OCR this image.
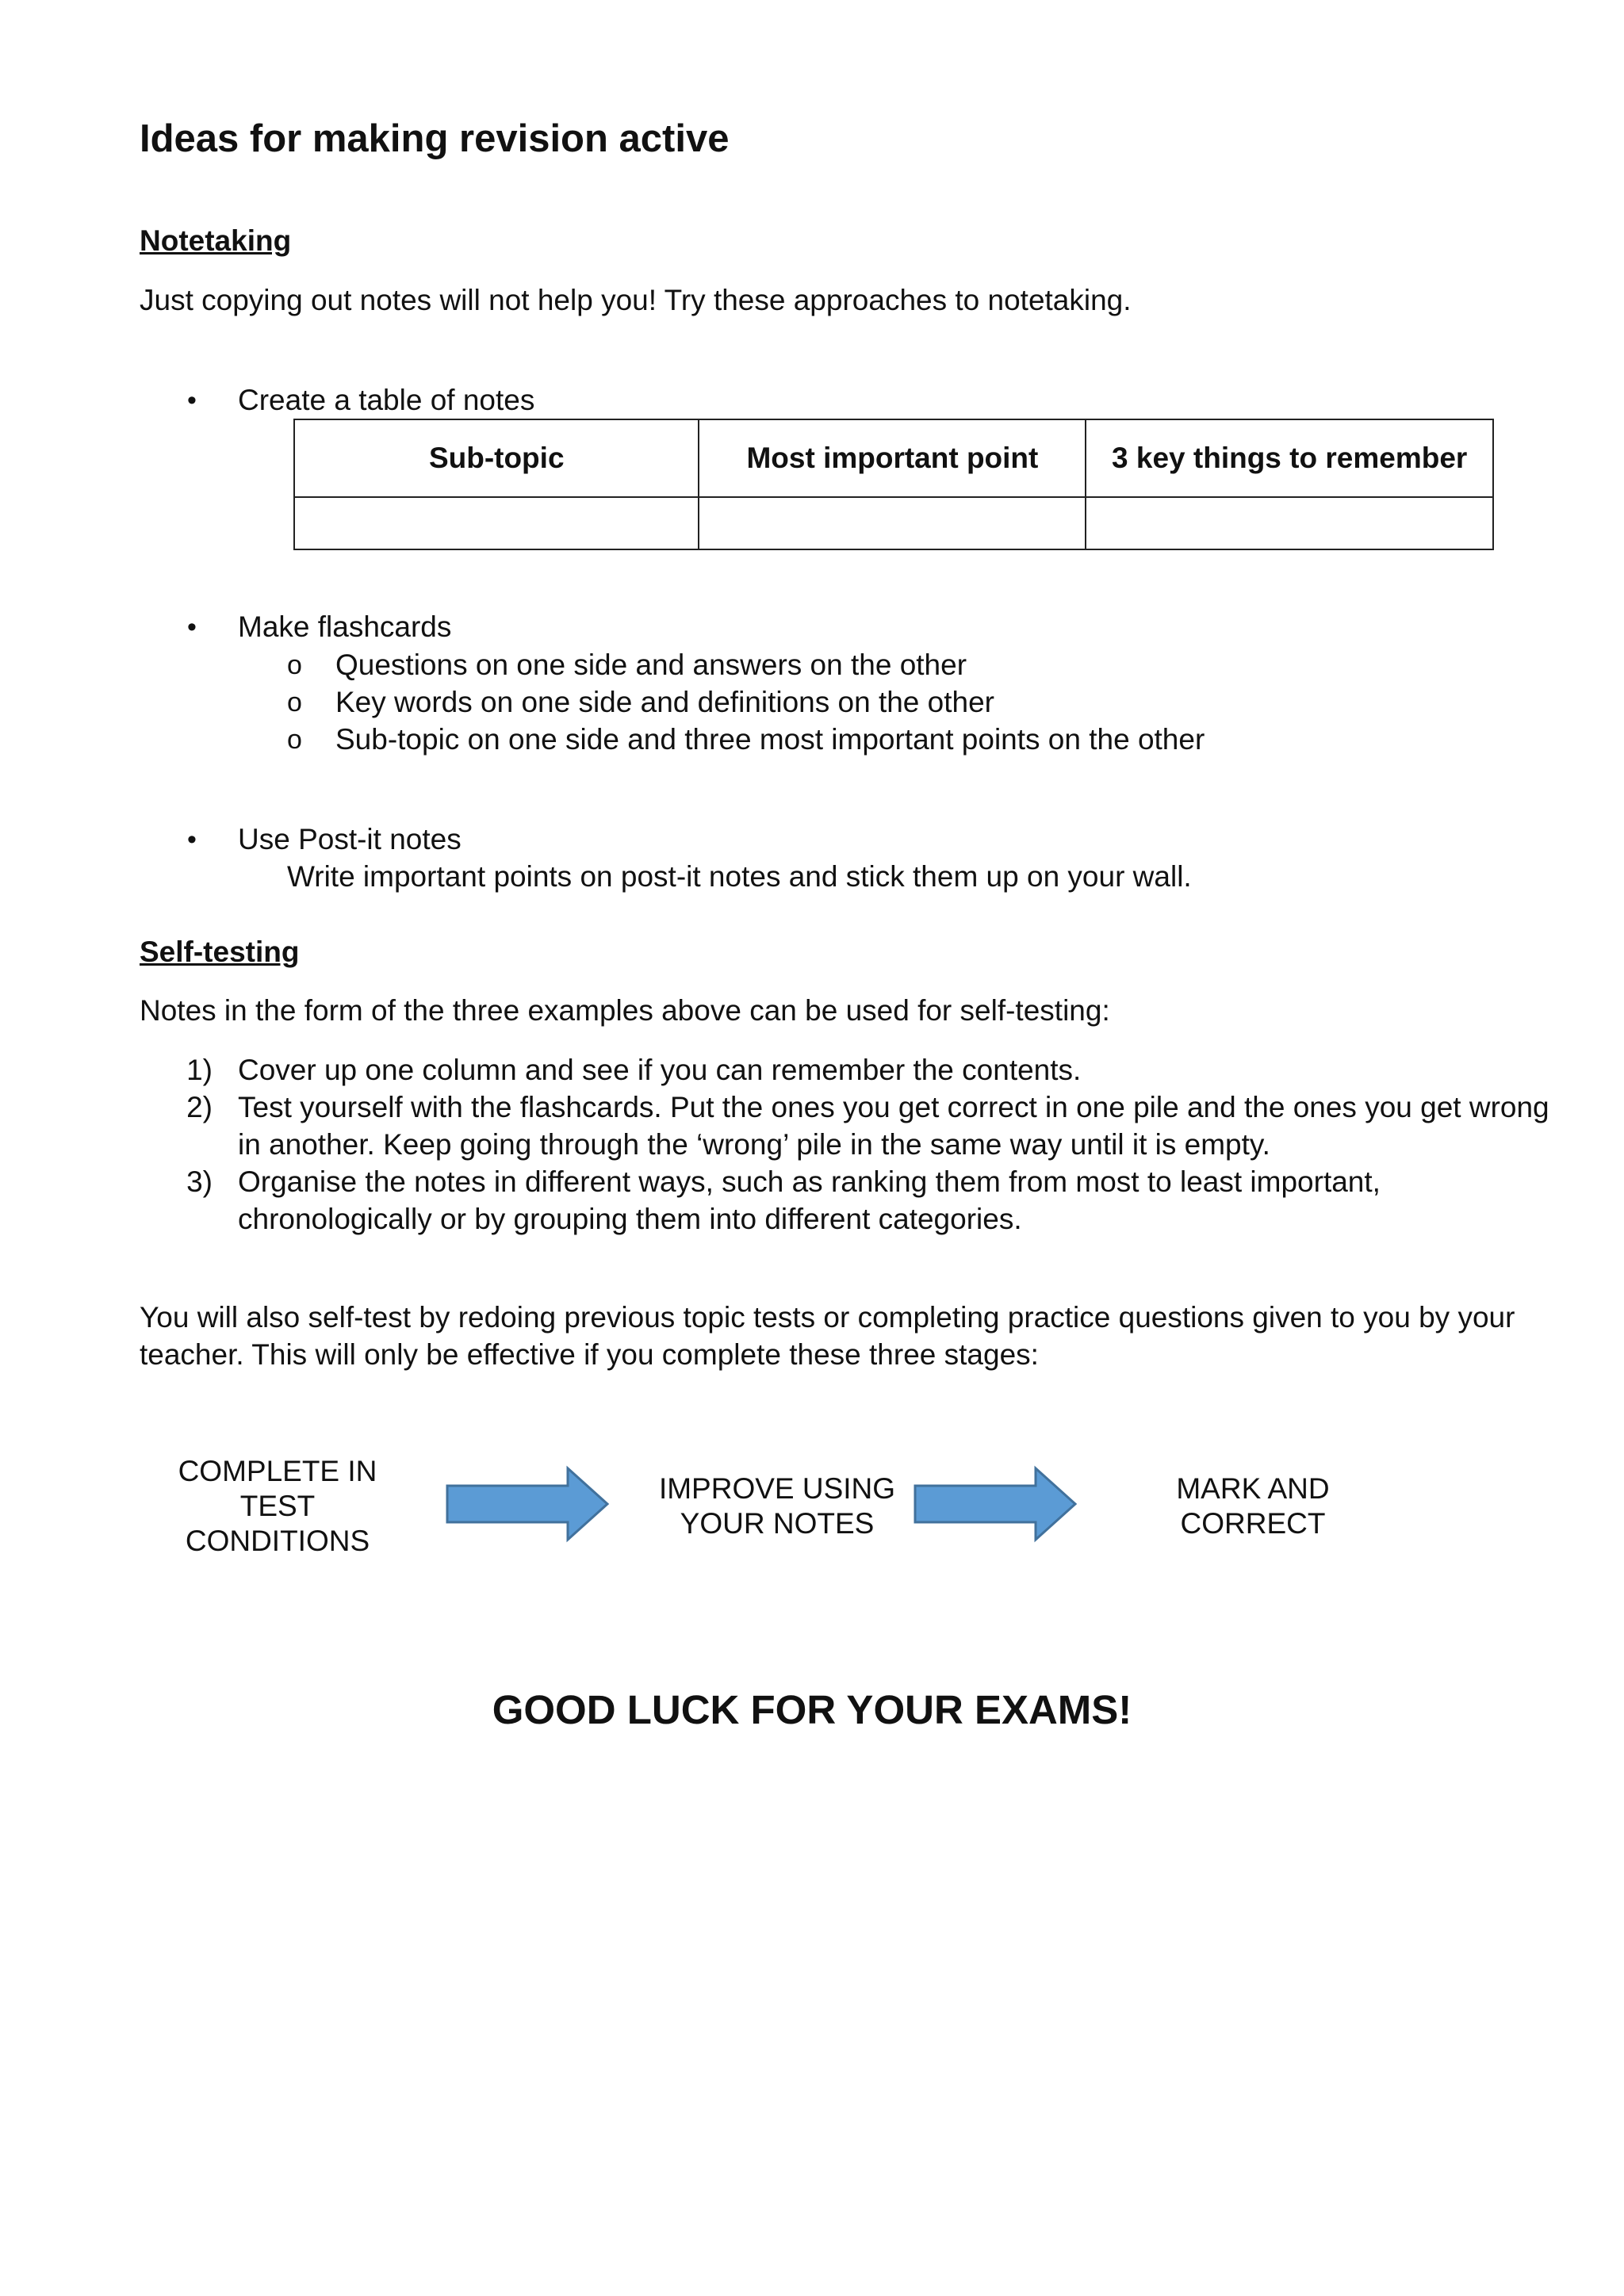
Ideas for making revision active
Notetaking
Just copying out notes will not help you! Try these approaches to notetaking.
• Create a table of notes
Sub-topic	Most important point	3 key things to remember

• Make flashcards
o Questions on one side and answers on the other
o Key words on one side and definitions on the other
o Sub-topic on one side and three most important points on the other
• Use Post-it notes
Write important points on post-it notes and stick them up on your wall.
Self-testing
Notes in the form of the three examples above can be used for self-testing:
1) Cover up one column and see if you can remember the contents.
2) Test yourself with the flashcards. Put the ones you get correct in one pile and the ones you get wrong
in another. Keep going through the ‘wrong’ pile in the same way until it is empty.
3) Organise the notes in different ways, such as ranking them from most to least important,
chronologically or by grouping them into different categories.
You will also self-test by redoing previous topic tests or completing practice questions given to you by your
teacher. This will only be effective if you complete these three stages:
COMPLETE IN
TEST
CONDITIONS
IMPROVE USING
YOUR NOTES
MARK AND
CORRECT
GOOD LUCK FOR YOUR EXAMS!
